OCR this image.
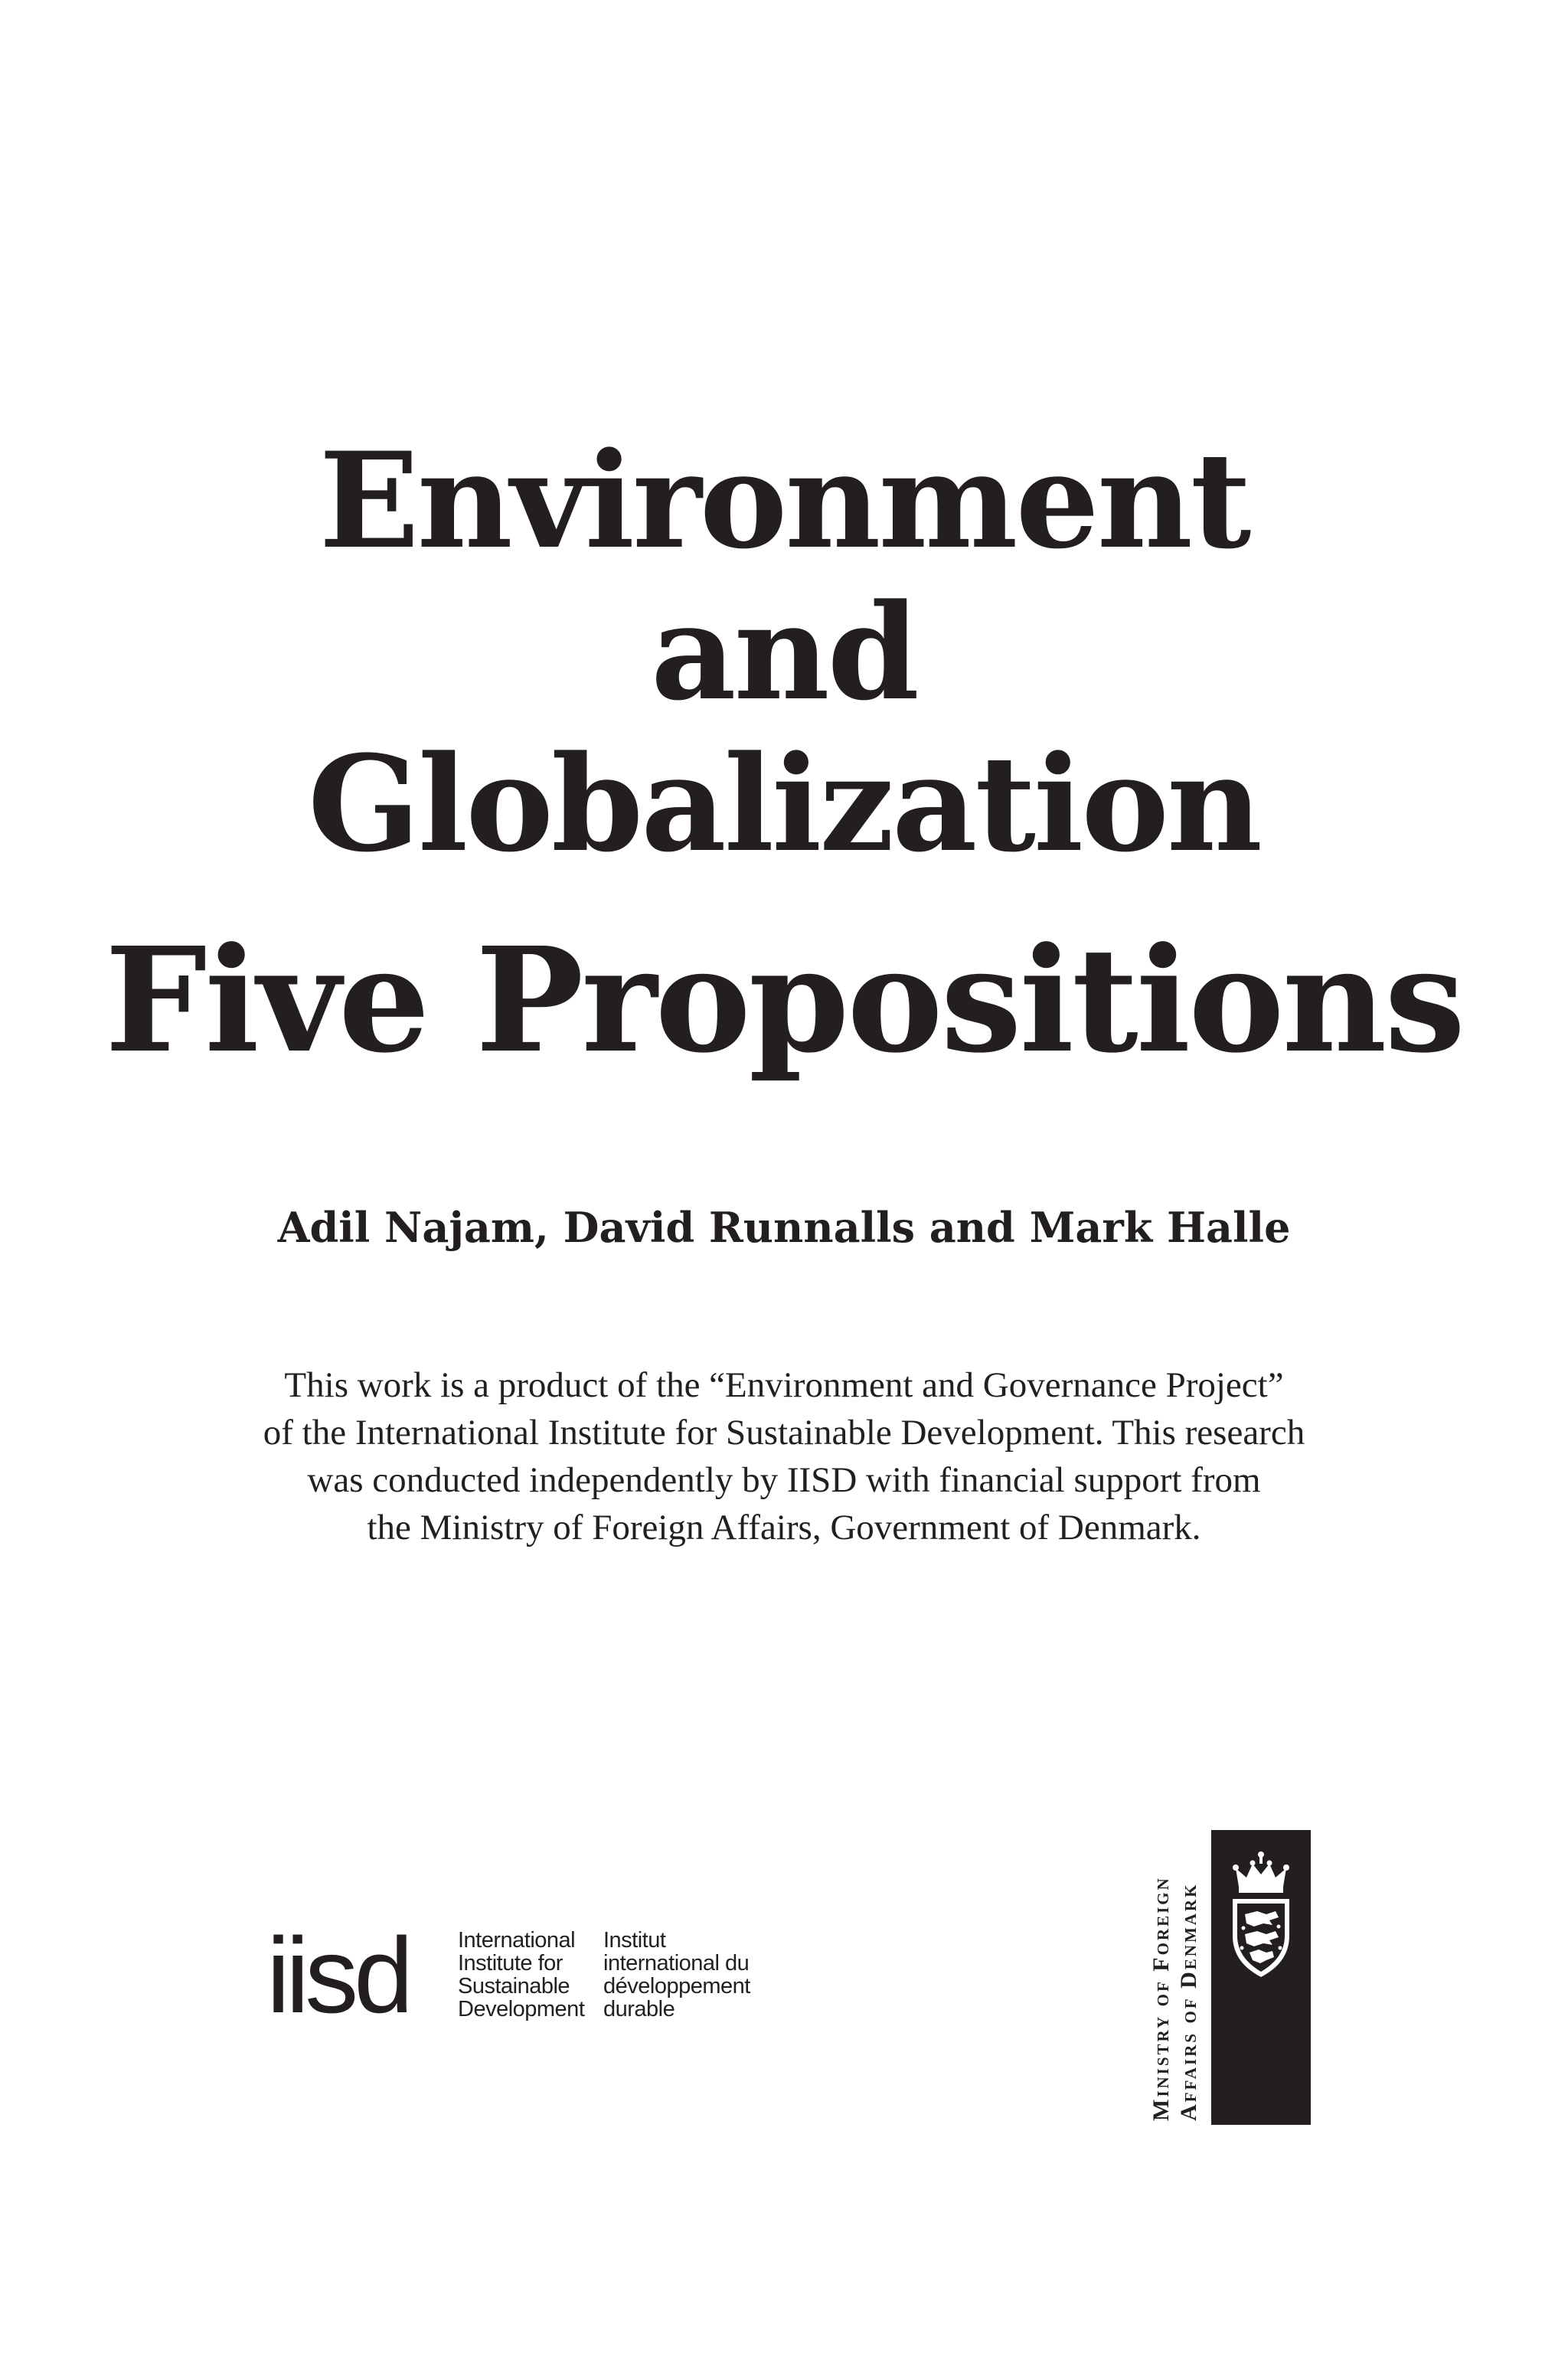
Environment
and
Globalization
Five Propositions
Adil Najam, David Runnalls and Mark Halle
This work is a product of the “Environment and Governance Project”
of the International Institute for Sustainable Development. This research
was conducted independently by IISD with financial support from
the Ministry of Foreign Affairs, Government of Denmark.
iisd International
Institute for
Sustainable
Development
Institut
international du
développement
durable	Ministry of Foreign Affairs of Denmark
